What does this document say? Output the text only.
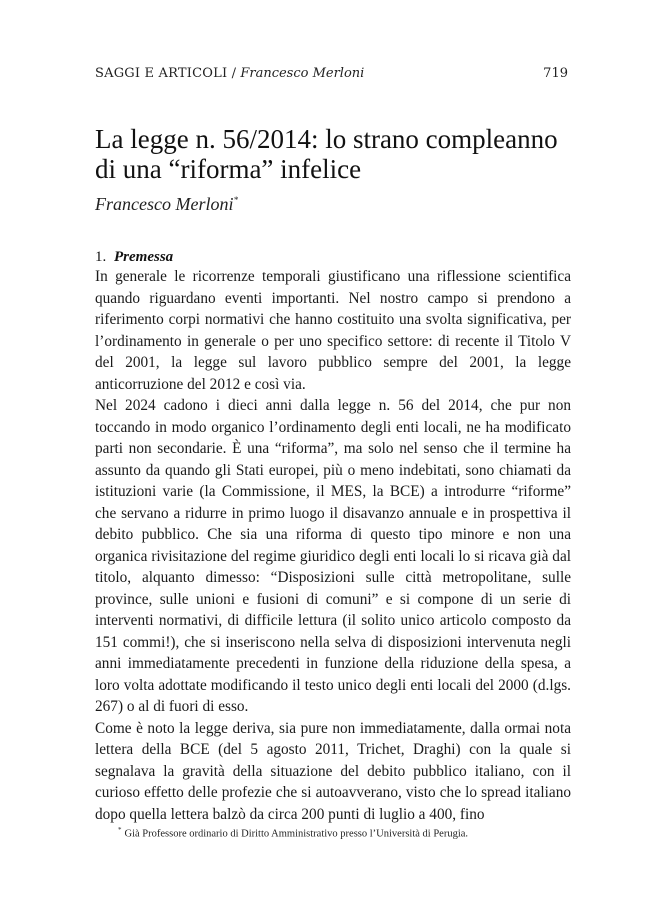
SAGGI E ARTICOLI / Francesco Merloni	719
La legge n. 56/2014: lo strano compleanno di una “riforma” infelice
Francesco Merloni*
1. Premessa

In generale le ricorrenze temporali giustificano una riflessione scientifica quando riguardano eventi importanti. Nel nostro campo si prendono a riferimento corpi normativi che hanno costituito una svolta significativa, per l’ordinamento in generale o per uno specifico settore: di recente il Titolo V del 2001, la legge sul lavoro pubblico sempre del 2001, la legge anticorruzione del 2012 e così via.

Nel 2024 cadono i dieci anni dalla legge n. 56 del 2014, che pur non toccando in modo organico l’ordinamento degli enti locali, ne ha modificato parti non secondarie. È una “riforma”, ma solo nel senso che il termine ha assunto da quando gli Stati europei, più o meno indebitati, sono chiamati da istituzioni varie (la Commissione, il MES, la BCE) a introdurre “riforme” che servano a ridurre in primo luogo il disavanzo annuale e in prospettiva il debito pubblico. Che sia una riforma di questo tipo minore e non una organica rivisitazione del regime giuridico degli enti locali lo si ricava già dal titolo, alquanto dimesso: “Disposizioni sulle città metropolitane, sulle province, sulle unioni e fusioni di comuni” e si compone di un serie di interventi normativi, di difficile lettura (il solito unico articolo composto da 151 commi!), che si inseriscono nella selva di disposizioni intervenuta negli anni immediatamente precedenti in funzione della riduzione della spesa, a loro volta adottate modificando il testo unico degli enti locali del 2000 (d.lgs. 267) o al di fuori di esso.

Come è noto la legge deriva, sia pure non immediatamente, dalla ormai nota lettera della BCE (del 5 agosto 2011, Trichet, Draghi) con la quale si segnalava la gravità della situazione del debito pubblico italiano, con il curioso effetto delle profezie che si autoavverano, visto che lo spread italiano dopo quella lettera balzò da circa 200 punti di luglio a 400, fino

* Già Professore ordinario di Diritto Amministrativo presso l’Università di Perugia.
